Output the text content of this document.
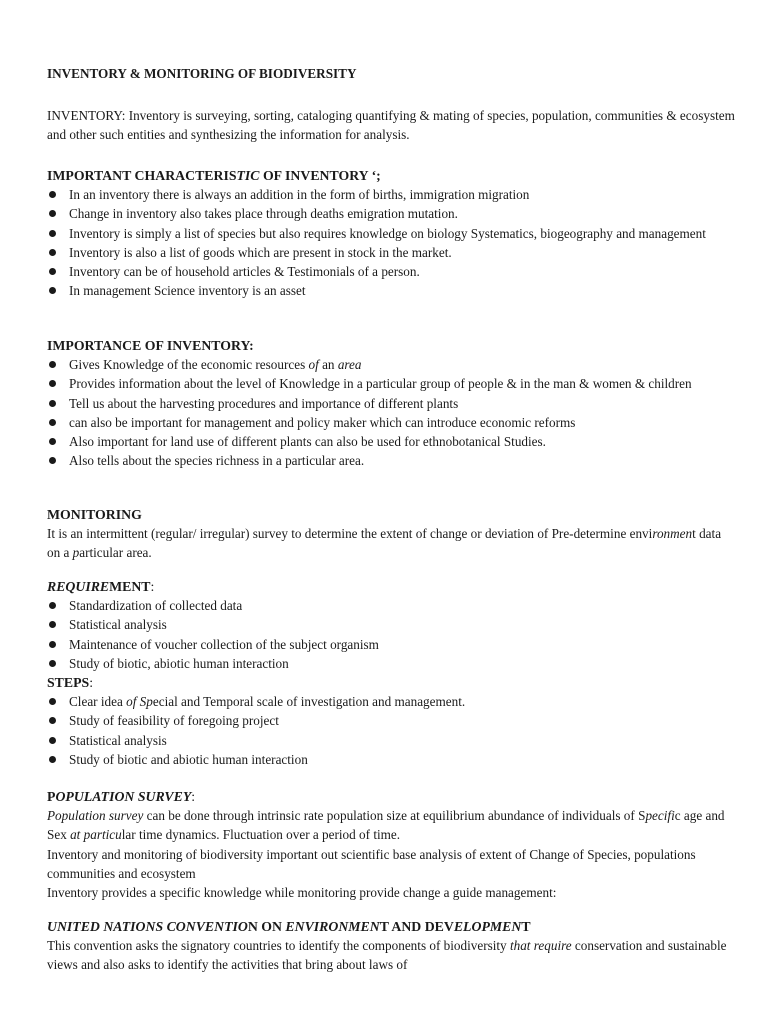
INVENTORY & MONITORING OF BIODIVERSITY

INVENTORY: Inventory is surveying, sorting, cataloging quantifying & mating of species, population, communities & ecosystem and other such entities and synthesizing the information for analysis.

IMPORTANT CHARACTERISTIC OF INVENTORY ‘;
In an inventory there is always an addition in the form of births, immigration migration
Change in inventory also takes place through deaths emigration mutation.
Inventory is simply a list of species but also requires knowledge on biology Systematics, biogeography and management
Inventory is also a list of goods which are present in stock in the market.
Inventory can be of household articles & Testimonials of a person.
In management Science inventory is an asset
IMPORTANCE OF INVENTORY:
Gives Knowledge of the economic resources of an area
Provides information about the level of Knowledge in a particular group of people & in the man & women & children
Tell us about the harvesting procedures and importance of different plants
can also be important for management and policy maker which can introduce economic reforms
Also important for land use of different plants can also be used for ethnobotanical Studies.
Also tells about the species richness in a particular area.
MONITORING

It is an intermittent (regular/ irregular) survey to determine the extent of change or deviation of Pre-determine environment data on a particular area.

REQUIREMENT:
Standardization of collected data
Statistical analysis
Maintenance of voucher collection of the subject organism
Study of biotic, abiotic human interaction
STEPS:
Clear idea of Special and Temporal scale of investigation and management.
Study of feasibility of foregoing project
Statistical analysis
Study of biotic and abiotic human interaction
POPULATION SURVEY:

Population survey can be done through intrinsic rate population size at equilibrium abundance of individuals of Specific age and Sex at particular time dynamics. Fluctuation over a period of time.

Inventory and monitoring of biodiversity important out scientific base analysis of extent of Change of Species, populations communities and ecosystem

Inventory provides a specific knowledge while monitoring provide change a guide management:

UNITED NATIONS CONVENTION ON ENVIRONMENT AND DEVELOPMENT

This convention asks the signatory countries to identify the components of biodiversity that require conservation and sustainable views and also asks to identify the activities that bring about laws of
